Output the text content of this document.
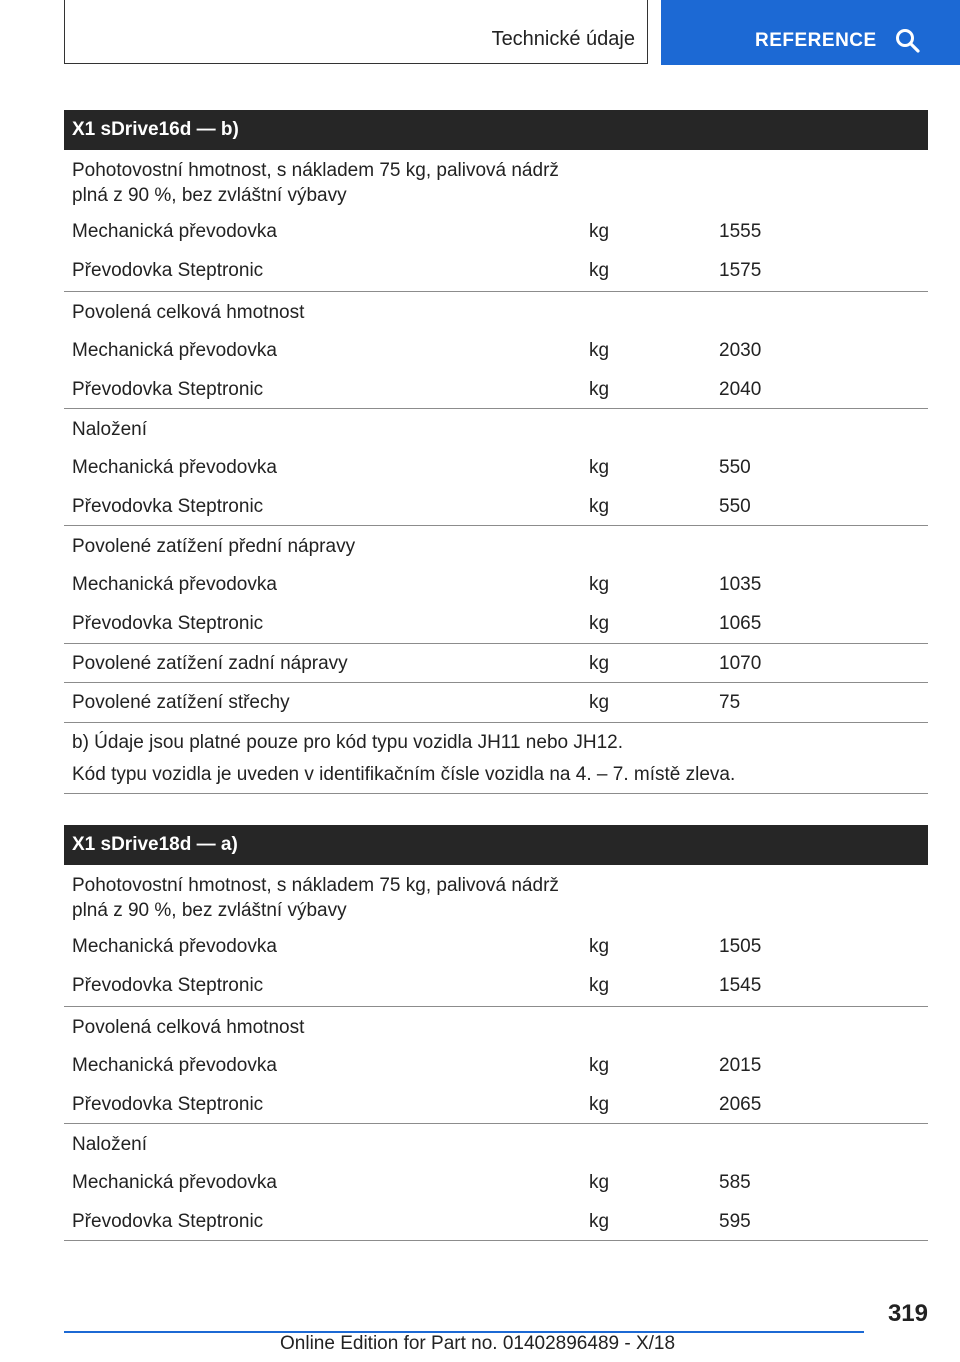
Technické údaje	REFERENCE
X1 sDrive16d — b)
Pohotovostní hmotnost, s nákladem 75 kg, palivová nádrž
plná z 90 %, bez zvláštní výbavy
Mechanická převodovka	kg	1555
Převodovka Steptronic	kg	1575
Povolená celková hmotnost
Mechanická převodovka	kg	2030
Převodovka Steptronic	kg	2040
Naložení
Mechanická převodovka	kg	550
Převodovka Steptronic	kg	550
Povolené zatížení přední nápravy
Mechanická převodovka	kg	1035
Převodovka Steptronic	kg	1065
Povolené zatížení zadní nápravy	kg	1070
Povolené zatížení střechy	kg	75
b) Údaje jsou platné pouze pro kód typu vozidla JH11 nebo JH12.
Kód typu vozidla je uveden v identifikačním čísle vozidla na 4. – 7. místě zleva.
X1 sDrive18d — a)
Pohotovostní hmotnost, s nákladem 75 kg, palivová nádrž
plná z 90 %, bez zvláštní výbavy
Mechanická převodovka	kg	1505
Převodovka Steptronic	kg	1545
Povolená celková hmotnost
Mechanická převodovka	kg	2015
Převodovka Steptronic	kg	2065
Naložení
Mechanická převodovka	kg	585
Převodovka Steptronic	kg	595
319
Online Edition for Part no. 01402896489 - X/18
